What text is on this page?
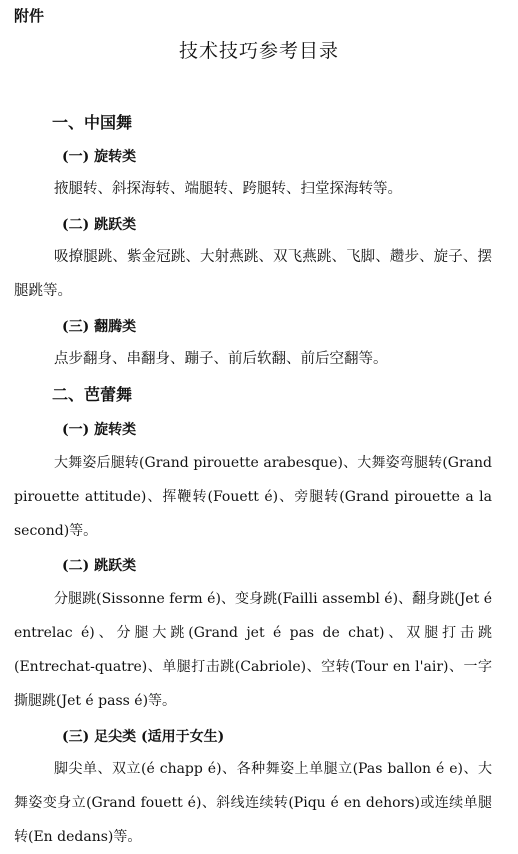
附件
技术技巧参考目录
一、中国舞
(一) 旋转类
掖腿转、斜探海转、端腿转、跨腿转、扫堂探海转等。
(二) 跳跃类
吸撩腿跳、紫金冠跳、大射燕跳、双飞燕跳、飞脚、趱步、旋子、摆腿跳等。
(三) 翻腾类
点步翻身、串翻身、蹦子、前后软翻、前后空翻等。
二、芭蕾舞
(一) 旋转类
大舞姿后腿转(Grand pirouette arabesque)、大舞姿弯腿转(Grand pirouette attitude)、挥鞭转(Fouett é)、旁腿转(Grand pirouette a la second)等。
(二) 跳跃类
分腿跳(Sissonne ferm é)、变身跳(Failli assembl é)、翻身跳(Jet é entrelac é)、分腿大跳(Grand jet é pas de chat)、双腿打击跳(Entrechat-quatre)、单腿打击跳(Cabriole)、空转(Tour en l'air)、一字撕腿跳(Jet é pass é)等。
(三) 足尖类 (适用于女生)
脚尖单、双立(é chapp é)、各种舞姿上单腿立(Pas ballon é e)、大舞姿变身立(Grand fouett é)、斜线连续转(Piqu é en dehors)或连续单腿转(En dedans)等。
